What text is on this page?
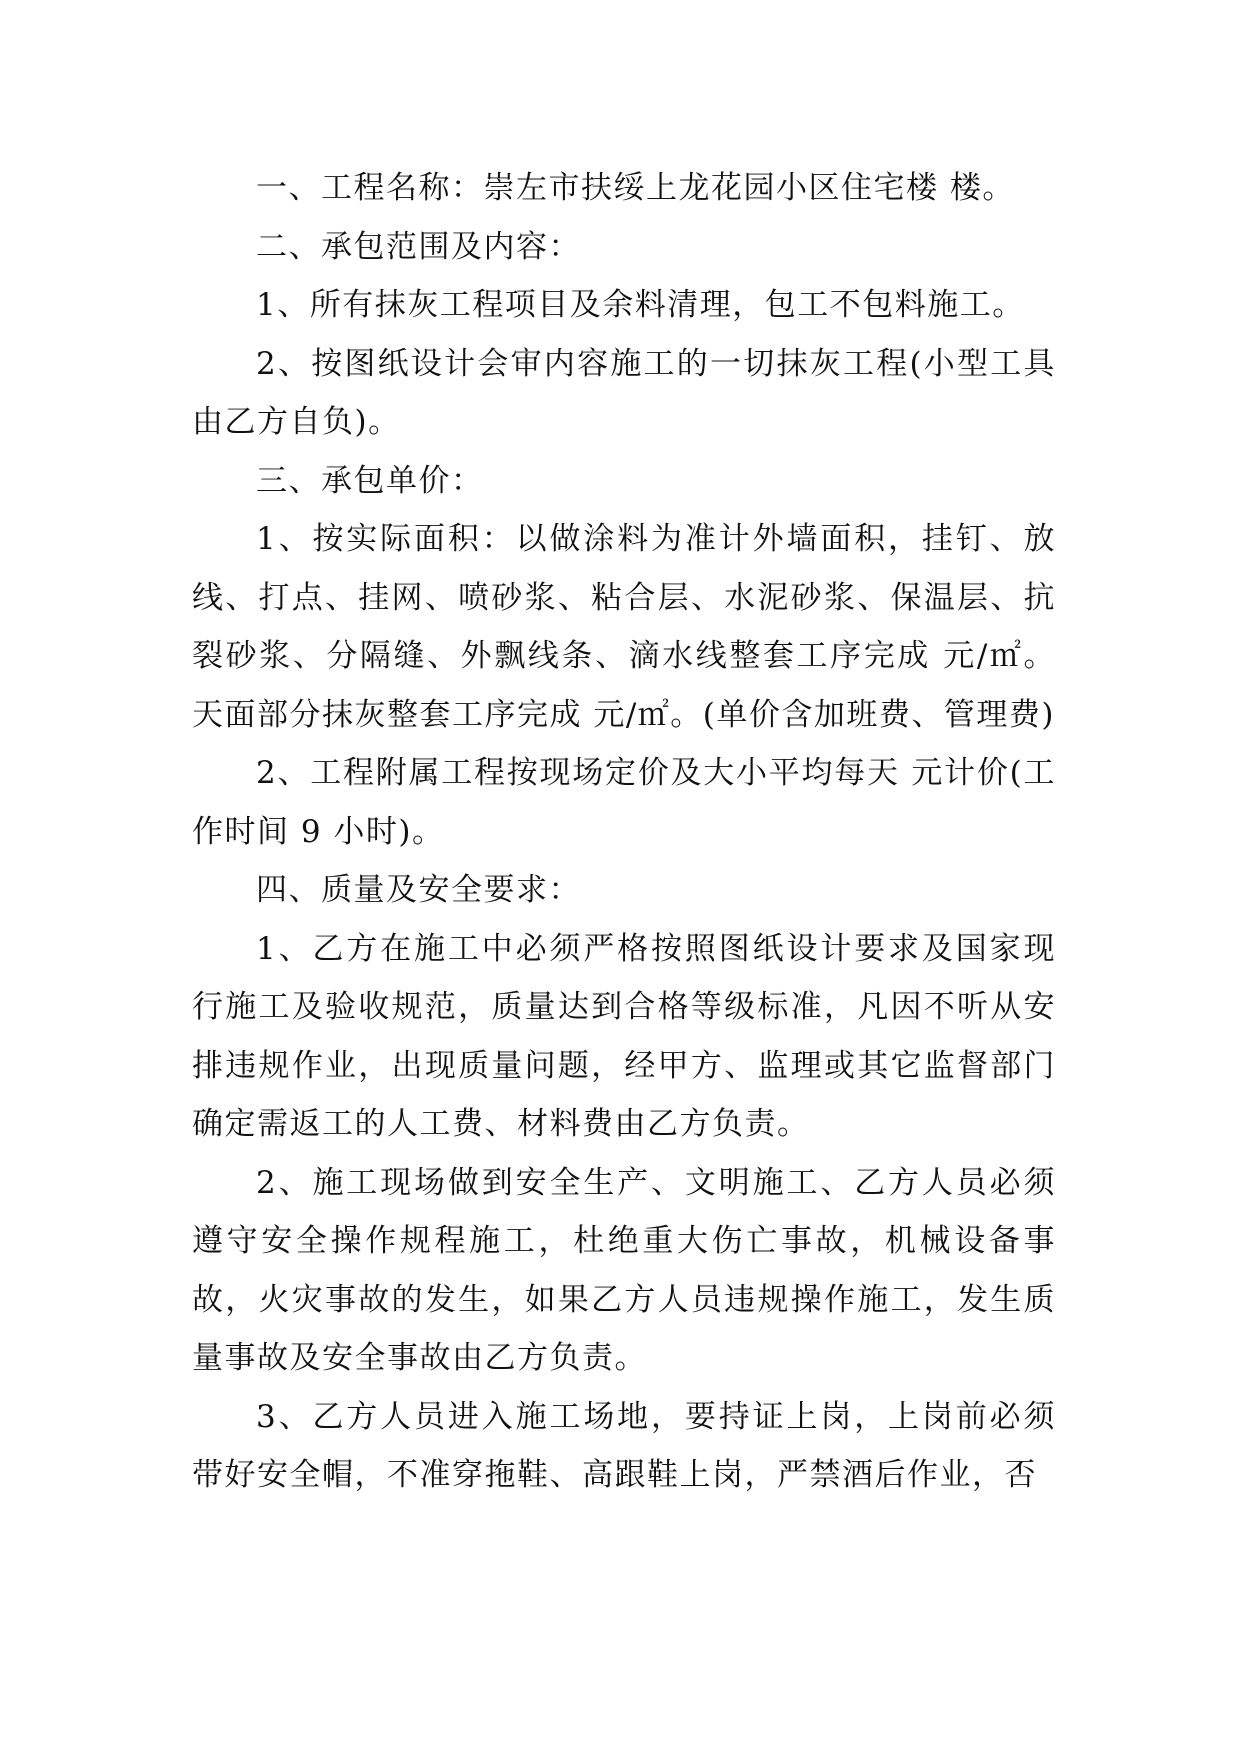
一、工程名称：崇左市扶绥上龙花园小区住宅楼 楼。

二、承包范围及内容：

1、所有抹灰工程项目及余料清理，包工不包料施工。

2、按图纸设计会审内容施工的一切抹灰工程(小型工具由乙方自负)。

三、承包单价：

1、按实际面积：以做涂料为准计外墙面积，挂钉、放线、打点、挂网、喷砂浆、粘合层、水泥砂浆、保温层、抗裂砂浆、分隔缝、外飘线条、滴水线整套工序完成 元/㎡。天面部分抹灰整套工序完成 元/㎡。(单价含加班费、管理费)

2、工程附属工程按现场定价及大小平均每天 元计价(工作时间 9 小时)。

四、质量及安全要求：

1、乙方在施工中必须严格按照图纸设计要求及国家现行施工及验收规范，质量达到合格等级标准，凡因不听从安排违规作业，出现质量问题，经甲方、监理或其它监督部门确定需返工的人工费、材料费由乙方负责。

2、施工现场做到安全生产、文明施工、乙方人员必须遵守安全操作规程施工，杜绝重大伤亡事故，机械设备事故，火灾事故的发生，如果乙方人员违规操作施工，发生质量事故及安全事故由乙方负责。

3、乙方人员进入施工场地，要持证上岗，上岗前必须带好安全帽，不准穿拖鞋、高跟鞋上岗，严禁酒后作业，否
